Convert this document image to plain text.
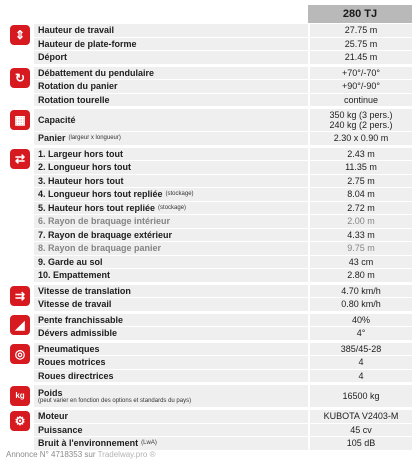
280 TJ
⇕	Hauteur de travail	27.75 m
Hauteur de plate-forme	25.75 m
Déport	21.45 m
↻	Débattement du pendulaire	+70°/-70°
Rotation du panier	+90°/-90°
Rotation tourelle	continue
▦	Capacité	350 kg (3 pers.)
240 kg (2 pers.)
Panier (largeur x longueur)	2.30 x 0.90 m
⇄	1. Largeur hors tout	2.43 m
2. Longueur hors tout	11.35 m
3. Hauteur hors tout	2.75 m
4. Longueur hors tout repliée (stockage)	8.04 m
5. Hauteur hors tout repliée (stockage)	2.72 m
6. Rayon de braquage intérieur	2.00 m
7. Rayon de braquage extérieur	4.33 m
8. Rayon de braquage panier	9.75 m
9. Garde au sol	43 cm
10. Empattement	2.80 m
⇉	Vitesse de translation	4.70 km/h
Vitesse de travail	0.80 km/h
◢	Pente franchissable	40%
Dévers admissible	4°
◎	Pneumatiques	385/45-28
Roues motrices	4
Roues directrices	4
kg	Poids
(peut varier en fonction des options et standards du pays)	16500 kg
⚙	Moteur	KUBOTA V2403-M
Puissance	45 cv
Bruit à l'environnement (LwA)	105 dB
Annonce N° 4718353 sur Tradelway.pro ®
